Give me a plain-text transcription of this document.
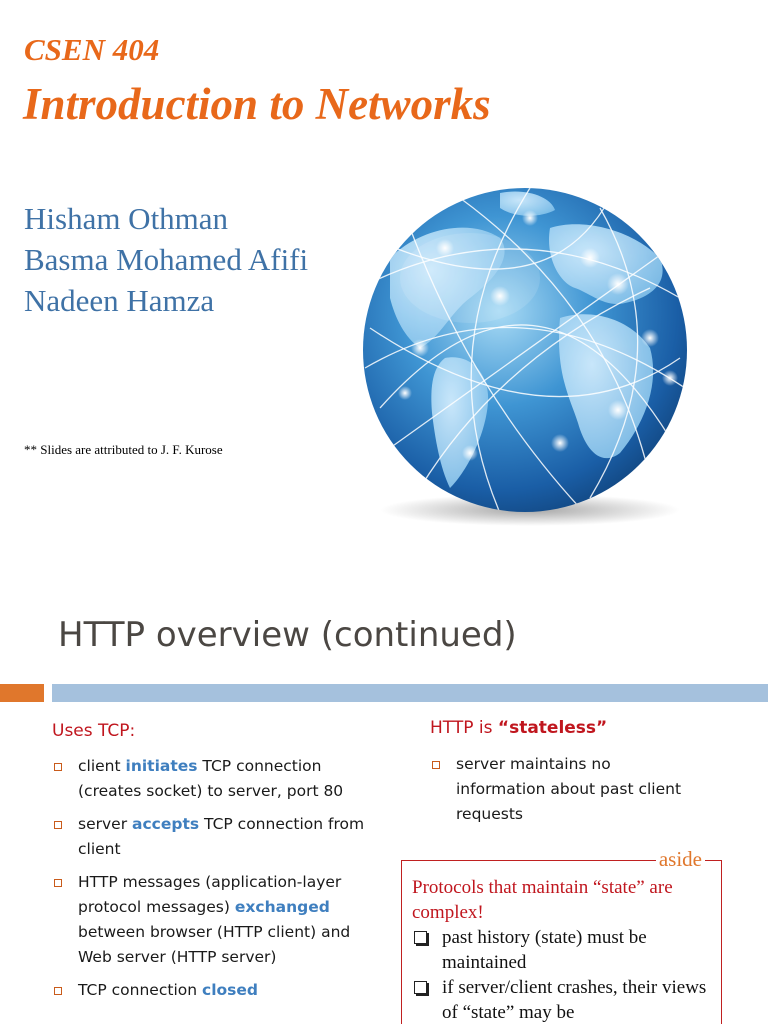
CSEN 404
Introduction to Networks
Hisham Othman
Basma Mohamed Afifi
Nadeen Hamza
** Slides are attributed to J. F. Kurose
HTTP overview (continued)
Uses TCP:
client initiates TCP connection (creates socket) to server, port 80
server accepts TCP connection from client
HTTP messages (application-layer protocol messages) exchanged between browser (HTTP client) and Web server (HTTP server)
TCP connection closed
HTTP is “stateless”
server maintains no information about past client requests
aside
Protocols that maintain “state” are complex!
past history (state) must be maintained
if server/client crashes, their views of “state” may be
